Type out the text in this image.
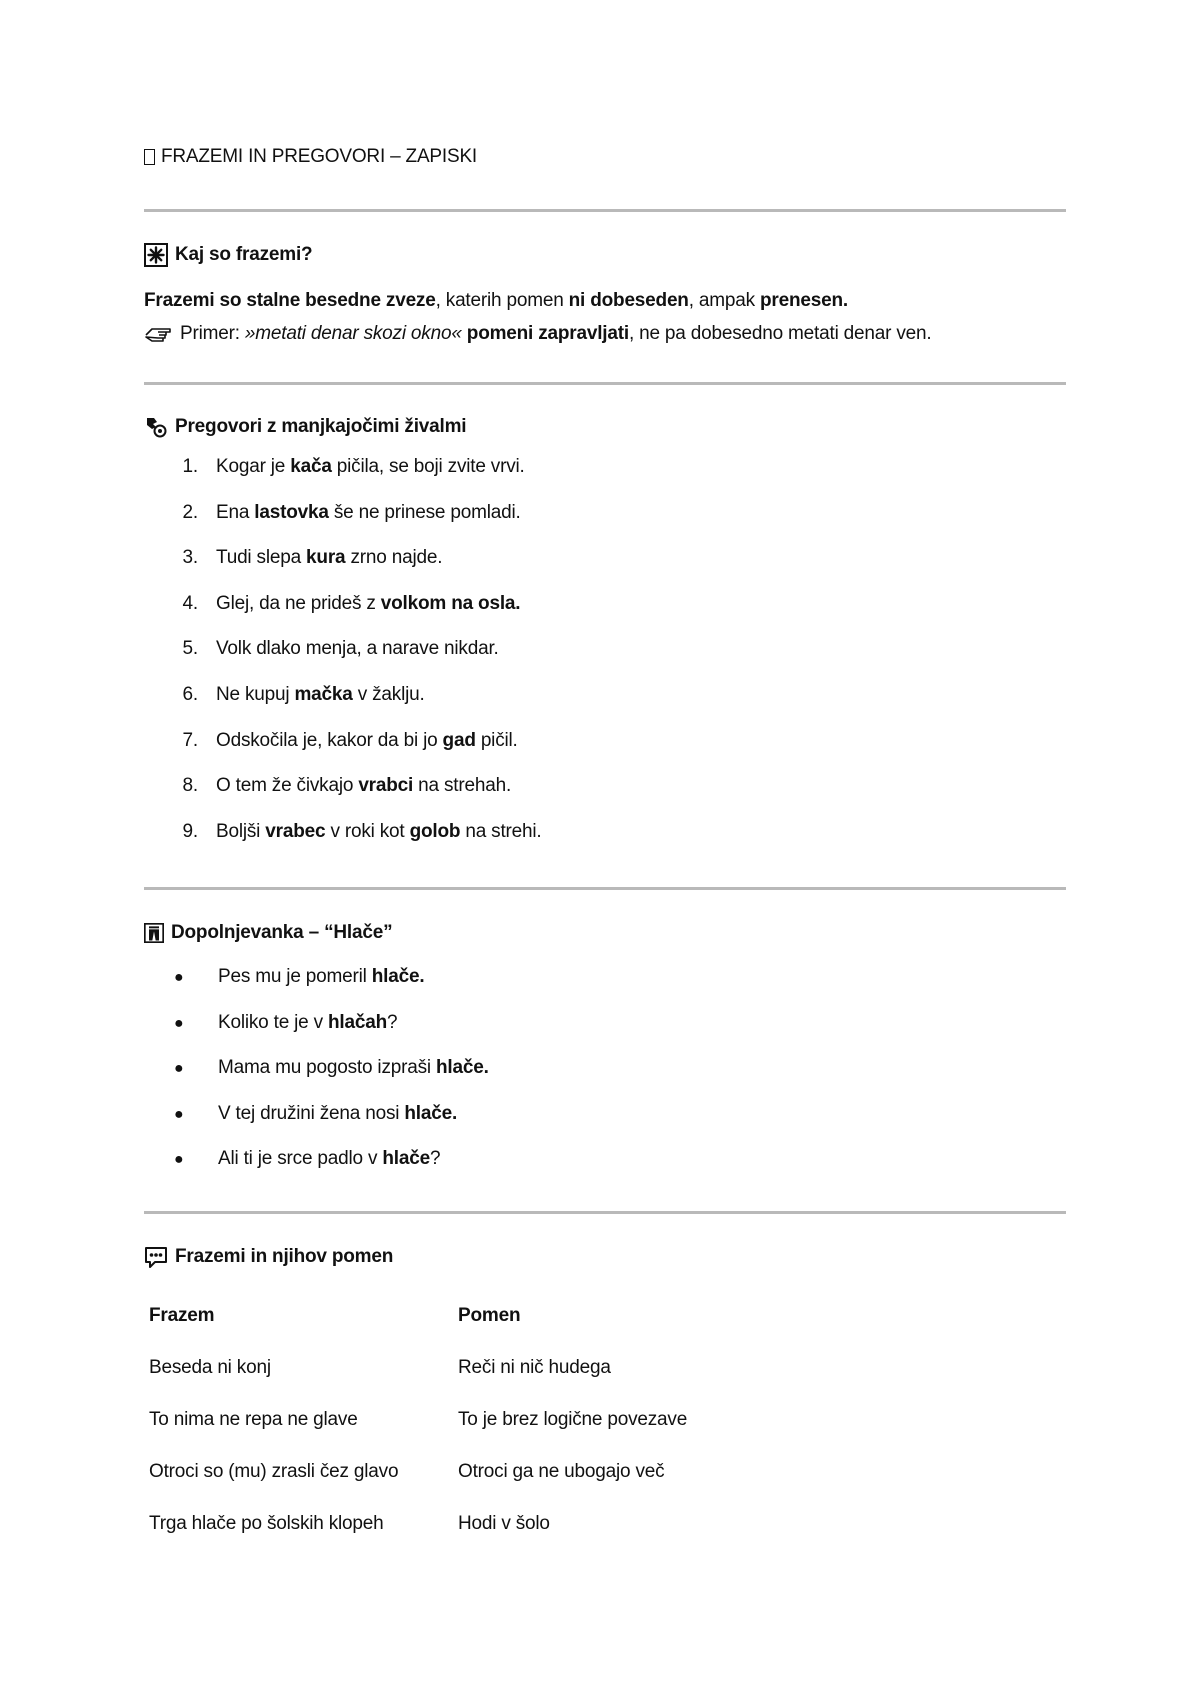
FRAZEMI IN PREGOVORI – ZAPISKI
Kaj so frazemi?
Frazemi so stalne besedne zveze, katerih pomen ni dobeseden, ampak prenesen.
Primer: »metati denar skozi okno« pomeni zapravljati , ne pa dobesedno metati denar ven.
Pregovori z manjkajočimi živalmi
1. Kogar je kača pičila, se boji zvite vrvi.
2. Ena lastovka še ne prinese pomladi.
3. Tudi slepa kura zrno najde.
4. Glej, da ne prideš z volkom na osla.
5. Volk dlako menja, a narave nikdar.
6. Ne kupuj mačka v žaklju.
7. Odskočila je, kakor da bi jo gad pičil.
8. O tem že čivkajo vrabci na strehah.
9. Boljši vrabec v roki kot golob na strehi.
Dopolnjevanka – “Hlače”
●	Pes mu je pomeril hlače.
●	Koliko te je v hlačah?
●	Mama mu pogosto izpraši hlače.
●	V tej družini žena nosi hlače.
●	Ali ti je srce padlo v hlače?
Frazemi in njihov pomen
Frazem	Pomen
Beseda ni konj	Reči ni nič hudega
To nima ne repa ne glave	To je brez logične povezave
Otroci so (mu) zrasli čez glavo	Otroci ga ne ubogajo več
Trga hlače po šolskih klopeh	Hodi v šolo
